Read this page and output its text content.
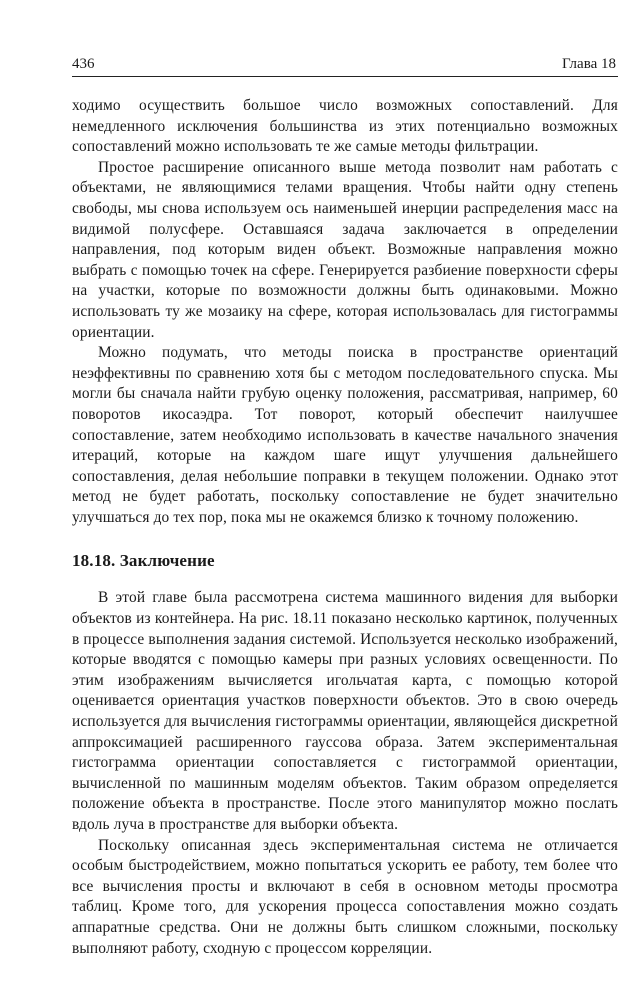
436	Глава 18

ходимо осуществить большое число возможных сопоставлений. Для немедленного исключения большинства из этих потенциально возможных сопоставлений можно использовать те же самые методы фильтрации.

Простое расширение описанного выше метода позволит нам работать с объектами, не являющимися телами вращения. Чтобы найти одну степень свободы, мы снова используем ось наименьшей инерции распределения масс на видимой полусфере. Оставшаяся задача заключается в определении направления, под которым виден объект. Возможные направления можно выбрать с помощью точек на сфере. Генерируется разбиение поверхности сферы на участки, которые по возможности должны быть одинаковыми. Можно использовать ту же мозаику на сфере, которая использовалась для гистограммы ориентации.

Можно подумать, что методы поиска в пространстве ориентаций неэффективны по сравнению хотя бы с методом последовательного спуска. Мы могли бы сначала найти грубую оценку положения, рассматривая, например, 60 поворотов икосаэдра. Тот поворот, который обеспечит наилучшее сопоставление, затем необходимо использовать в качестве начального значения итераций, которые на каждом шаге ищут улучшения дальнейшего сопоставления, делая небольшие поправки в текущем положении. Однако этот метод не будет работать, поскольку сопоставление не будет значительно улучшаться до тех пор, пока мы не окажемся близко к точному положению.

18.18. Заключение

В этой главе была рассмотрена система машинного видения для выборки объектов из контейнера. На рис. 18.11 показано несколько картинок, полученных в процессе выполнения задания системой. Используется несколько изображений, которые вводятся с помощью камеры при разных условиях освещенности. По этим изображениям вычисляется игольчатая карта, с помощью которой оценивается ориентация участков поверхности объектов. Это в свою очередь используется для вычисления гистограммы ориентации, являющейся дискретной аппроксимацией расширенного гауссова образа. Затем экспериментальная гистограмма ориентации сопоставляется с гистограммой ориентации, вычисленной по машинным моделям объектов. Таким образом определяется положение объекта в пространстве. После этого манипулятор можно послать вдоль луча в пространстве для выборки объекта.

Поскольку описанная здесь экспериментальная система не отличается особым быстродействием, можно попытаться ускорить ее работу, тем более что все вычисления просты и включают в себя в основном методы просмотра таблиц. Кроме того, для ускорения процесса сопоставления можно создать аппаратные средства. Они не должны быть слишком сложными, поскольку выполняют работу, сходную с процессом корреляции.
